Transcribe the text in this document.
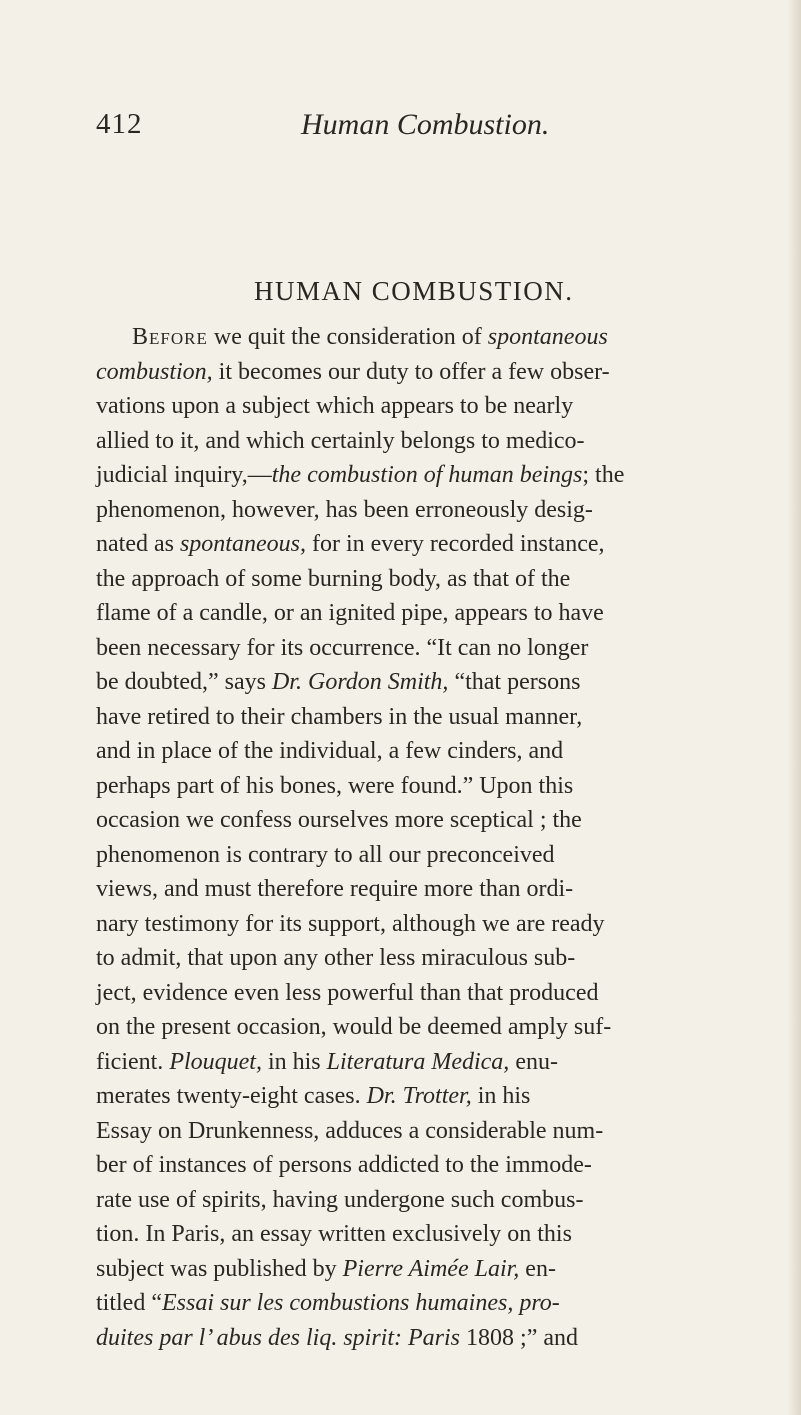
412	Human Combustion.
HUMAN COMBUSTION.
Before we quit the consideration of spontaneous
combustion, it becomes our duty to offer a few obser-
vations upon a subject which appears to be nearly
allied to it, and which certainly belongs to medico-
judicial inquiry,—the combustion of human beings; the
phenomenon, however, has been erroneously desig-
nated as spontaneous, for in every recorded instance,
the approach of some burning body, as that of the
flame of a candle, or an ignited pipe, appears to have
been necessary for its occurrence. “It can no longer
be doubted,” says Dr. Gordon Smith, “that persons
have retired to their chambers in the usual manner,
and in place of the individual, a few cinders, and
perhaps part of his bones, were found.” Upon this
occasion we confess ourselves more sceptical ; the
phenomenon is contrary to all our preconceived
views, and must therefore require more than ordi-
nary testimony for its support, although we are ready
to admit, that upon any other less miraculous sub-
ject, evidence even less powerful than that produced
on the present occasion, would be deemed amply suf-
ficient. Plouquet, in his Literatura Medica, enu-
merates twenty-eight cases. Dr. Trotter, in his
Essay on Drunkenness, adduces a considerable num-
ber of instances of persons addicted to the immode-
rate use of spirits, having undergone such combus-
tion. In Paris, an essay written exclusively on this
subject was published by Pierre Aimée Lair, en-
titled “Essai sur les combustions humaines, pro-
duites par l’ abus des liq. spirit: Paris 1808 ;” and
